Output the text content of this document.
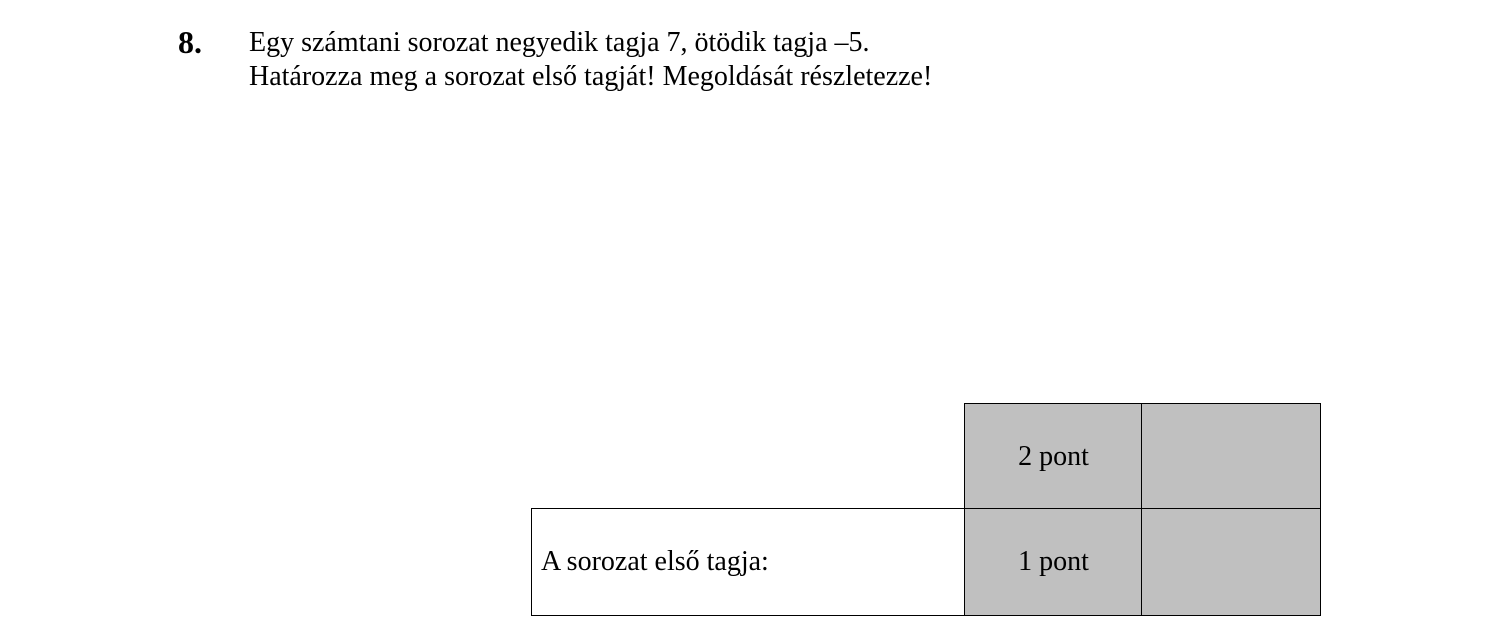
8. Egy számtani sorozat negyedik tagja 7, ötödik tagja –5.
Határozza meg a sorozat első tagját! Megoldását részletezze!
2 pont
A sorozat első tagja:	1 pont
